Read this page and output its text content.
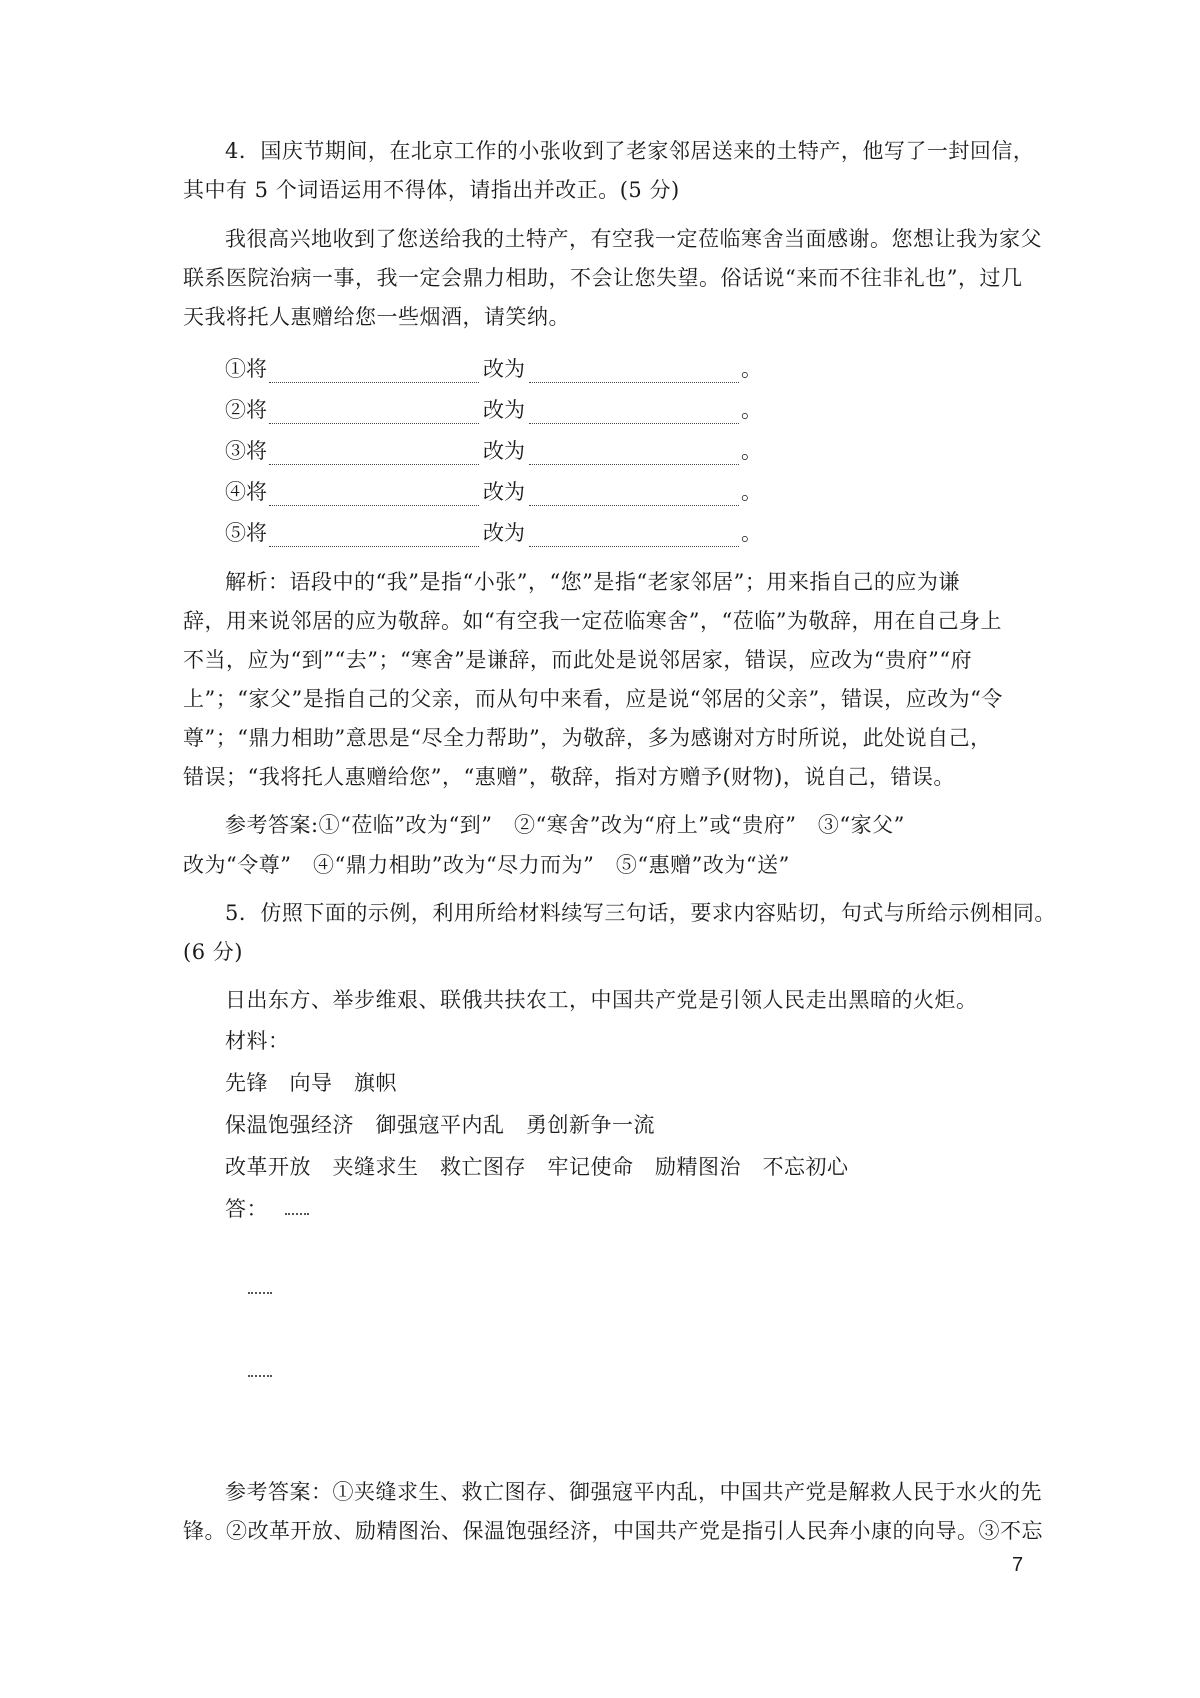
4．国庆节期间，在北京工作的小张收到了老家邻居送来的土特产，他写了一封回信，
其中有 5 个词语运用不得体，请指出并改正。(5 分)
我很高兴地收到了您送给我的土特产，有空我一定莅临寒舍当面感谢。您想让我为家父
联系医院治病一事，我一定会鼎力相助，不会让您失望。俗话说“来而不往非礼也”，过几
天我将托人惠赠给您一些烟酒，请笑纳。
①将	改为	。
②将	改为	。
③将	改为	。
④将	改为	。
⑤将	改为	。
解析：语段中的“我”是指“小张”，“您”是指“老家邻居”；用来指自己的应为谦
辞，用来说邻居的应为敬辞。如“有空我一定莅临寒舍”，“莅临”为敬辞，用在自己身上
不当，应为“到”“去”；“寒舍”是谦辞，而此处是说邻居家，错误，应改为“贵府”“府
上”；“家父”是指自己的父亲，而从句中来看，应是说“邻居的父亲”，错误，应改为“令
尊”；“鼎力相助”意思是“尽全力帮助”，为敬辞，多为感谢对方时所说，此处说自己，
错误；“我将托人惠赠给您”，“惠赠”，敬辞，指对方赠予(财物)，说自己，错误。
参考答案:①“莅临”改为“到”　②“寒舍”改为“府上”或“贵府”　③“家父”
改为“令尊”　④“鼎力相助”改为“尽力而为”　⑤“惠赠”改为“送”
5．仿照下面的示例，利用所给材料续写三句话，要求内容贴切，句式与所给示例相同。
(6 分)
日出东方、举步维艰、联俄共扶农工，中国共产党是引领人民走出黑暗的火炬。
材料：
先锋　向导　旗帜
保温饱强经济　御强寇平内乱　勇创新争一流
改革开放　夹缝求生　救亡图存　牢记使命　励精图治　不忘初心
答：
参考答案：①夹缝求生、救亡图存、御强寇平内乱，中国共产党是解救人民于水火的先
锋。②改革开放、励精图治、保温饱强经济，中国共产党是指引人民奔小康的向导。③不忘
7
